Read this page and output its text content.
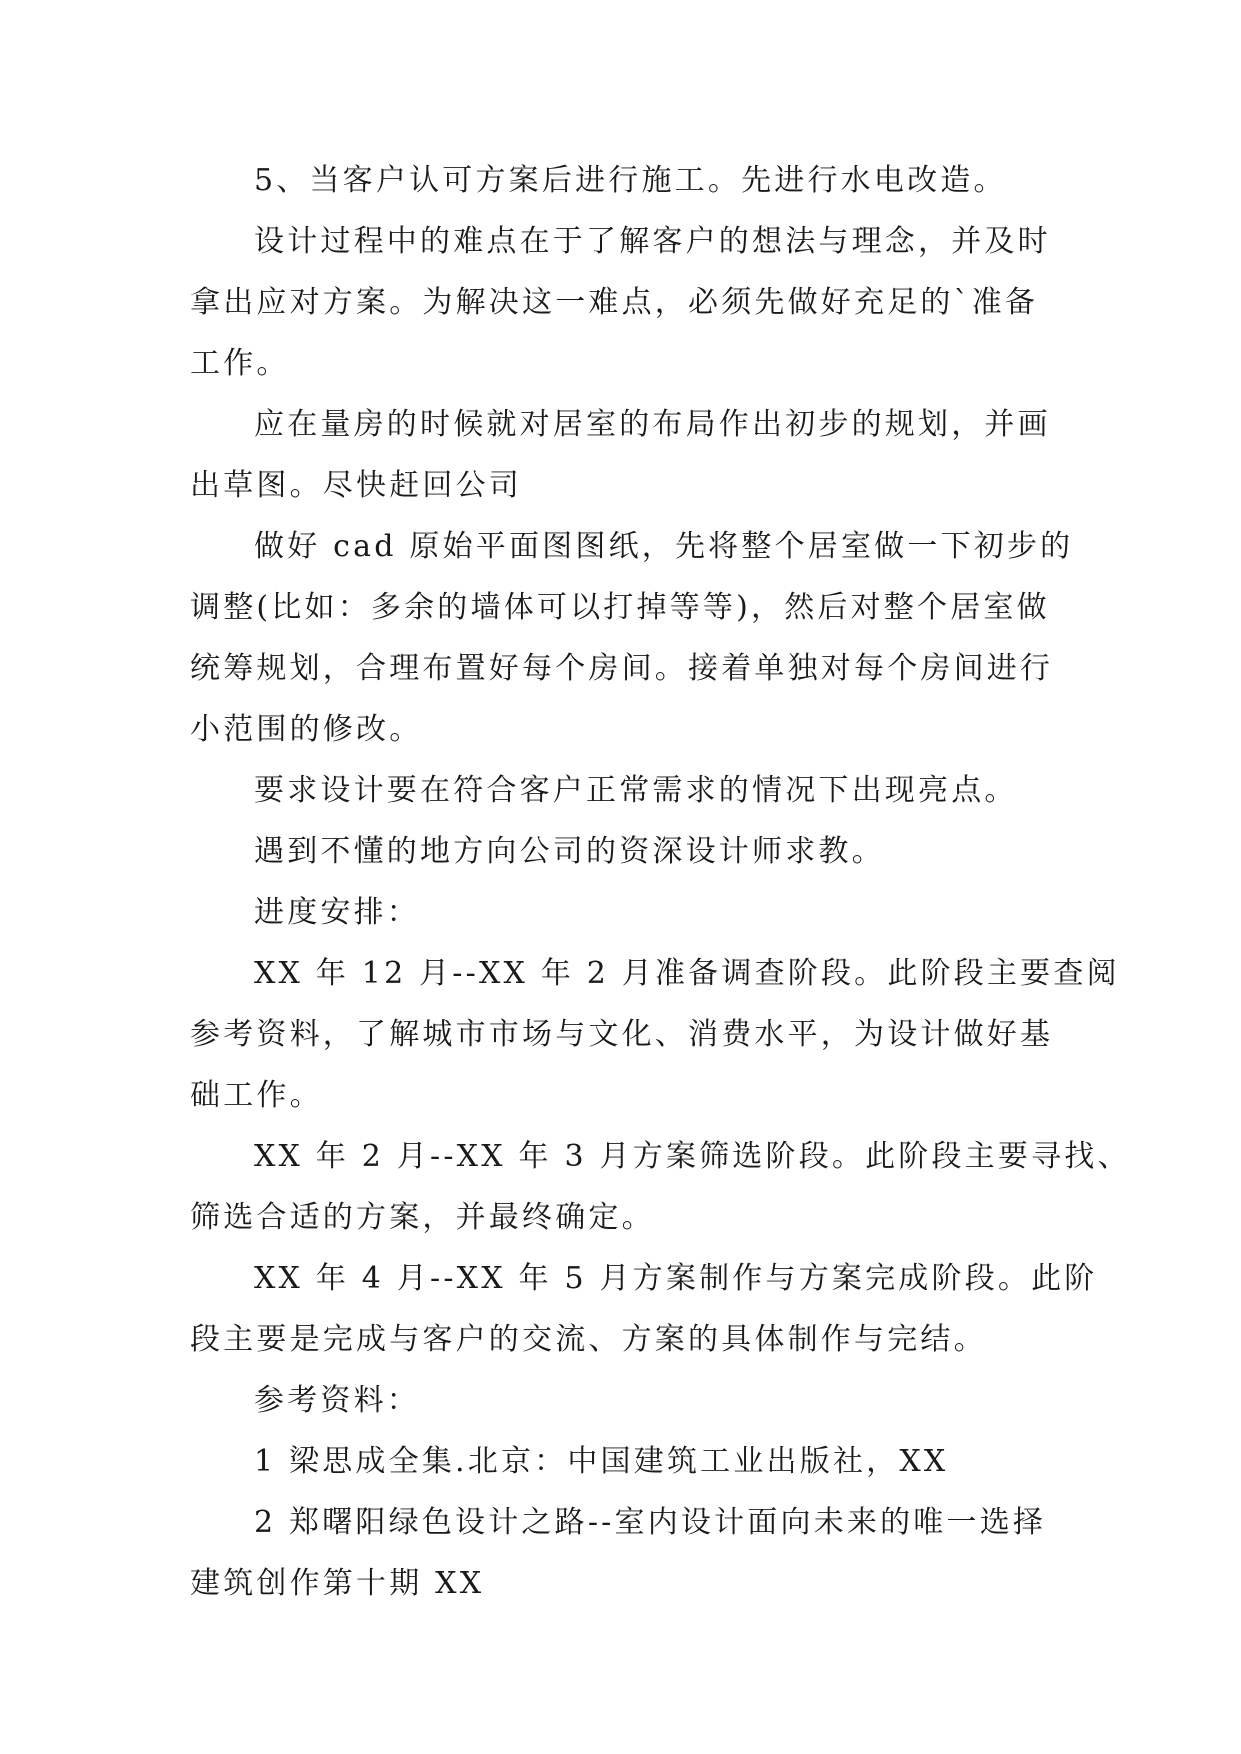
5、当客户认可方案后进行施工。先进行水电改造。
设计过程中的难点在于了解客户的想法与理念，并及时
拿出应对方案。为解决这一难点，必须先做好充足的`准备
工作。
应在量房的时候就对居室的布局作出初步的规划，并画
出草图。尽快赶回公司
做好 cad 原始平面图图纸，先将整个居室做一下初步的
调整(比如：多余的墙体可以打掉等等)，然后对整个居室做
统筹规划，合理布置好每个房间。接着单独对每个房间进行
小范围的修改。
要求设计要在符合客户正常需求的情况下出现亮点。
遇到不懂的地方向公司的资深设计师求教。
进度安排：
XX 年 12 月--XX 年 2 月准备调查阶段。此阶段主要查阅
参考资料，了解城市市场与文化、消费水平，为设计做好基
础工作。
XX 年 2 月--XX 年 3 月方案筛选阶段。此阶段主要寻找、
筛选合适的方案，并最终确定。
XX 年 4 月--XX 年 5 月方案制作与方案完成阶段。此阶
段主要是完成与客户的交流、方案的具体制作与完结。
参考资料：
1 梁思成全集.北京：中国建筑工业出版社，XX
2 郑曙阳绿色设计之路--室内设计面向未来的唯一选择
建筑创作第十期 XX
